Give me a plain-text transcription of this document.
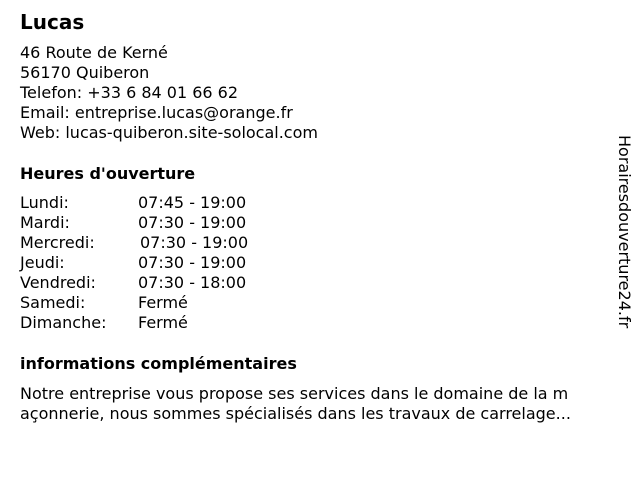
Lucas
46 Route de Kerné
56170 Quiberon
Telefon: +33 6 84 01 66 62
Email: entreprise.lucas@orange.fr
Web: lucas-quiberon.site-solocal.com
Heures d'ouverture
Lundi:	07:45 - 19:00
Mardi:	07:30 - 19:00
Mercredi:	07:30 - 19:00
Jeudi:	07:30 - 19:00
Vendredi:	07:30 - 18:00
Samedi:	Fermé
Dimanche: Fermé
informations complémentaires
Notre entreprise vous propose ses services dans le domaine de la m
açonnerie, nous sommes spécialisés dans les travaux de carrelage...
Horairesdouverture24.fr
